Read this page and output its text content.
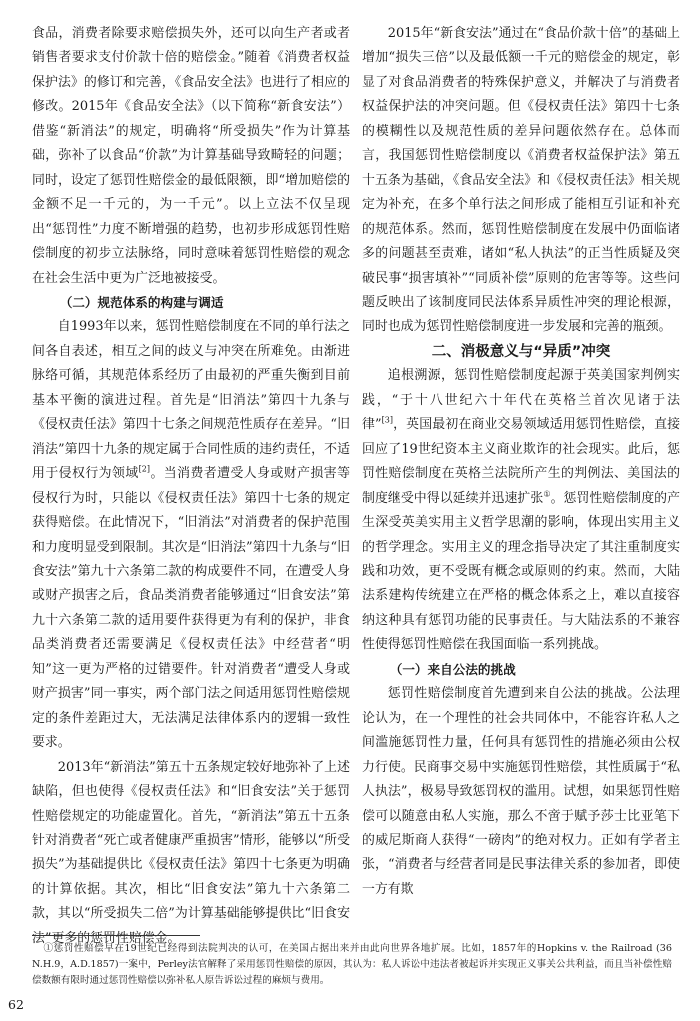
食品，消费者除要求赔偿损失外，还可以向生产者或者销售者要求支付价款十倍的赔偿金。”随着《消费者权益保护法》的修订和完善，《食品安全法》也进行了相应的修改。2015年《食品安全法》（以下简称“新食安法”）借鉴“新消法”的规定，明确将“所受损失”作为计算基础，弥补了以食品“价款”为计算基础导致畸轻的问题；同时，设定了惩罚性赔偿金的最低限额，即“增加赔偿的金额不足一千元的，为一千元”。以上立法不仅呈现出“惩罚性”力度不断增强的趋势，也初步形成惩罚性赔偿制度的初步立法脉络，同时意味着惩罚性赔偿的观念在社会生活中更为广泛地被接受。

（二）规范体系的构建与调适

自1993年以来，惩罚性赔偿制度在不同的单行法之间各自表述，相互之间的歧义与冲突在所难免。由渐进脉络可循，其规范体系经历了由最初的严重失衡到目前基本平衡的演进过程。首先是“旧消法”第四十九条与《侵权责任法》第四十七条之间规范性质存在差异。“旧消法”第四十九条的规定属于合同性质的违约责任，不适用于侵权行为领域[2]。当消费者遭受人身或财产损害等侵权行为时，只能以《侵权责任法》第四十七条的规定获得赔偿。在此情况下，“旧消法”对消费者的保护范围和力度明显受到限制。其次是“旧消法”第四十九条与“旧食安法”第九十六条第二款的构成要件不同，在遭受人身或财产损害之后，食品类消费者能够通过“旧食安法”第九十六条第二款的适用要件获得更为有利的保护，非食品类消费者还需要满足《侵权责任法》中经营者“明知”这一更为严格的过错要件。针对消费者“遭受人身或财产损害”同一事实，两个部门法之间适用惩罚性赔偿规定的条件差距过大，无法满足法律体系内的逻辑一致性要求。

2013年“新消法”第五十五条规定较好地弥补了上述缺陷，但也使得《侵权责任法》和“旧食安法”关于惩罚性赔偿规定的功能虚置化。首先，“新消法”第五十五条针对消费者“死亡或者健康严重损害”情形，能够以“所受损失”为基础提供比《侵权责任法》第四十七条更为明确的计算依据。其次，相比“旧食安法”第九十六条第二款，其以“所受损失二倍”为计算基础能够提供比“旧食安法”更多的惩罚性赔偿金。

2015年“新食安法”通过在“食品价款十倍”的基础上增加“损失三倍”以及最低额一千元的赔偿金的规定，彰显了对食品消费者的特殊保护意义，并解决了与消费者权益保护法的冲突问题。但《侵权责任法》第四十七条的模糊性以及规范性质的差异问题依然存在。总体而言，我国惩罚性赔偿制度以《消费者权益保护法》第五十五条为基础，《食品安全法》和《侵权责任法》相关规定为补充，在多个单行法之间形成了能相互引证和补充的规范体系。然而，惩罚性赔偿制度在发展中仍面临诸多的问题甚至责难，诸如“私人执法”的正当性质疑及突破民事“损害填补”“同质补偿”原则的危害等等。这些问题反映出了该制度同民法体系异质性冲突的理论根源，同时也成为惩罚性赔偿制度进一步发展和完善的瓶颈。

二、消极意义与“异质”冲突

追根溯源，惩罚性赔偿制度起源于英美国家判例实践，“于十八世纪六十年代在英格兰首次见诸于法律”[3]，英国最初在商业交易领域适用惩罚性赔偿，直接回应了19世纪资本主义商业欺诈的社会现实。此后，惩罚性赔偿制度在英格兰法院所产生的判例法、美国法的制度继受中得以延续并迅速扩张①。惩罚性赔偿制度的产生深受英美实用主义哲学思潮的影响，体现出实用主义的哲学理念。实用主义的理念指导决定了其注重制度实践和功效，更不受既有概念或原则的约束。然而，大陆法系建构传统建立在严格的概念体系之上，难以直接容纳这种具有惩罚功能的民事责任。与大陆法系的不兼容性使得惩罚性赔偿在我国面临一系列挑战。

（一）来自公法的挑战

惩罚性赔偿制度首先遭到来自公法的挑战。公法理论认为，在一个理性的社会共同体中，不能容许私人之间滥施惩罚性力量，任何具有惩罚性的措施必须由公权力行使。民商事交易中实施惩罚性赔偿，其性质属于“私人执法”，极易导致惩罚权的滥用。试想，如果惩罚性赔偿可以随意由私人实施，那么不啻于赋予莎士比亚笔下的威尼斯商人获得“一磅肉”的绝对权力。正如有学者主张，“消费者与经营者同是民事法律关系的参加者，即使一方有欺

①惩罚性赔偿早在19世纪已经得到法院判决的认可，在美国占据出来并由此向世界各地扩展。比如，1857年的Hopkins v. the Railroad (36 N.H.9，A.D.1857)一案中，Perley法官解释了采用惩罚性赔偿的原因，其认为：私人诉讼中违法者被起诉并实现正义事关公共利益，而且当补偿性赔偿数额有限时通过惩罚性赔偿以弥补私人原告诉讼过程的麻烦与费用。

62
